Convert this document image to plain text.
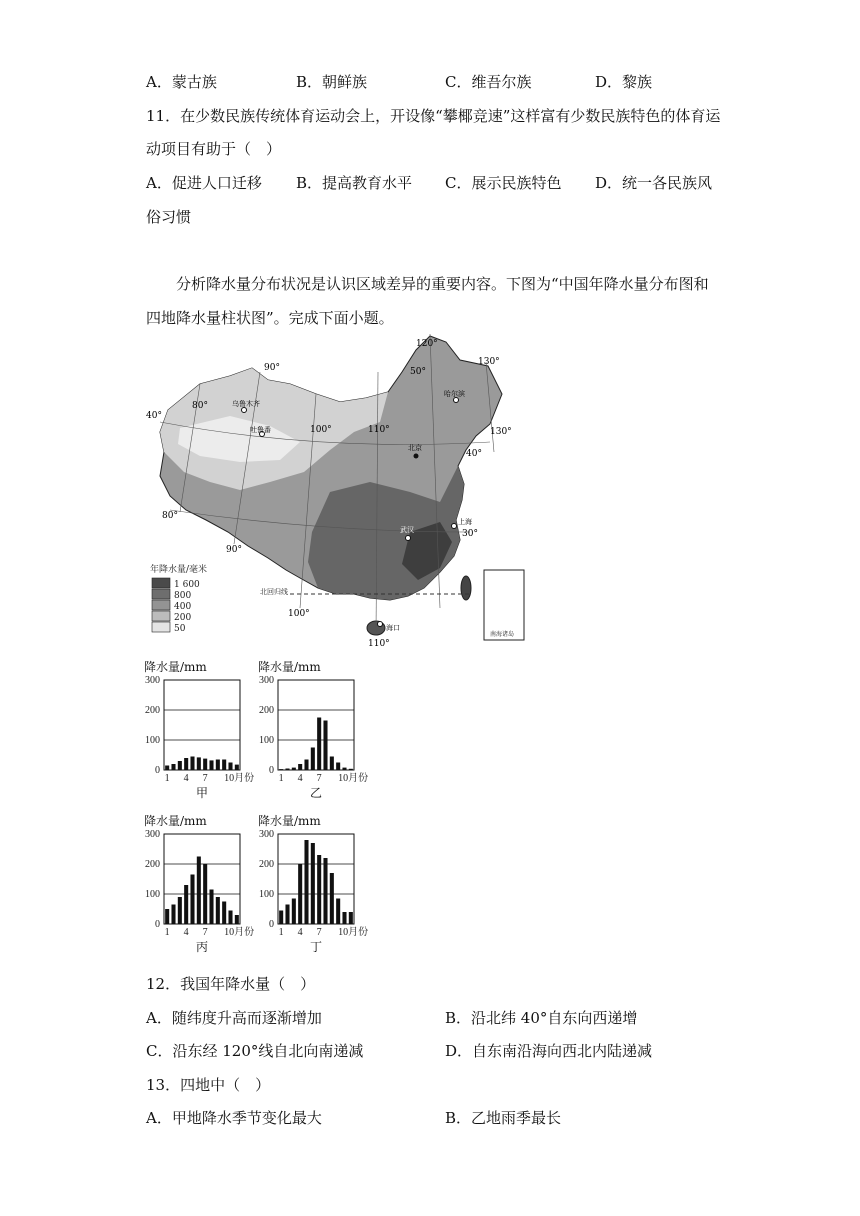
A．蒙古族	B．朝鲜族	C．维吾尔族	D．黎族
11．在少数民族传统体育运动会上，开设像“攀椰竞速”这样富有少数民族特色的体育运
动项目有助于（　）
A．促进人口迁移 B．提高教育水平 C．展示民族特色 D．统一各民族风
俗习惯
分析降水量分布状况是认识区域差异的重要内容。下图为“中国年降水量分布图和
四地降水量柱状图”。完成下面小题。
南海诸岛
年降水量/毫米
1 600
800
400
200
50
北回归线
80°
90°
100°	110°
120°
130°
130°
80°
90°
100°
110°
40°
50°
40°
30°
乌鲁木齐
哈尔滨
北京
武汉
上海
海口
吐鲁番
降水量/mm
0
100
200
300
1 4 7 10月份
甲
降水量/mm
0
100
200
300
1 4 7 10月份
乙
降水量/mm
0
100
200
300
1 4 7 10月份
丙
降水量/mm
0
100
200
300
1 4 7 10月份
丁
12．我国年降水量（　）
A．随纬度升高而逐渐增加	B．沿北纬 40°自东向西递增
C．沿东经 120°线自北向南递减	D．自东南沿海向西北内陆递减
13．四地中（　）
A．甲地降水季节变化最大	B．乙地雨季最长
